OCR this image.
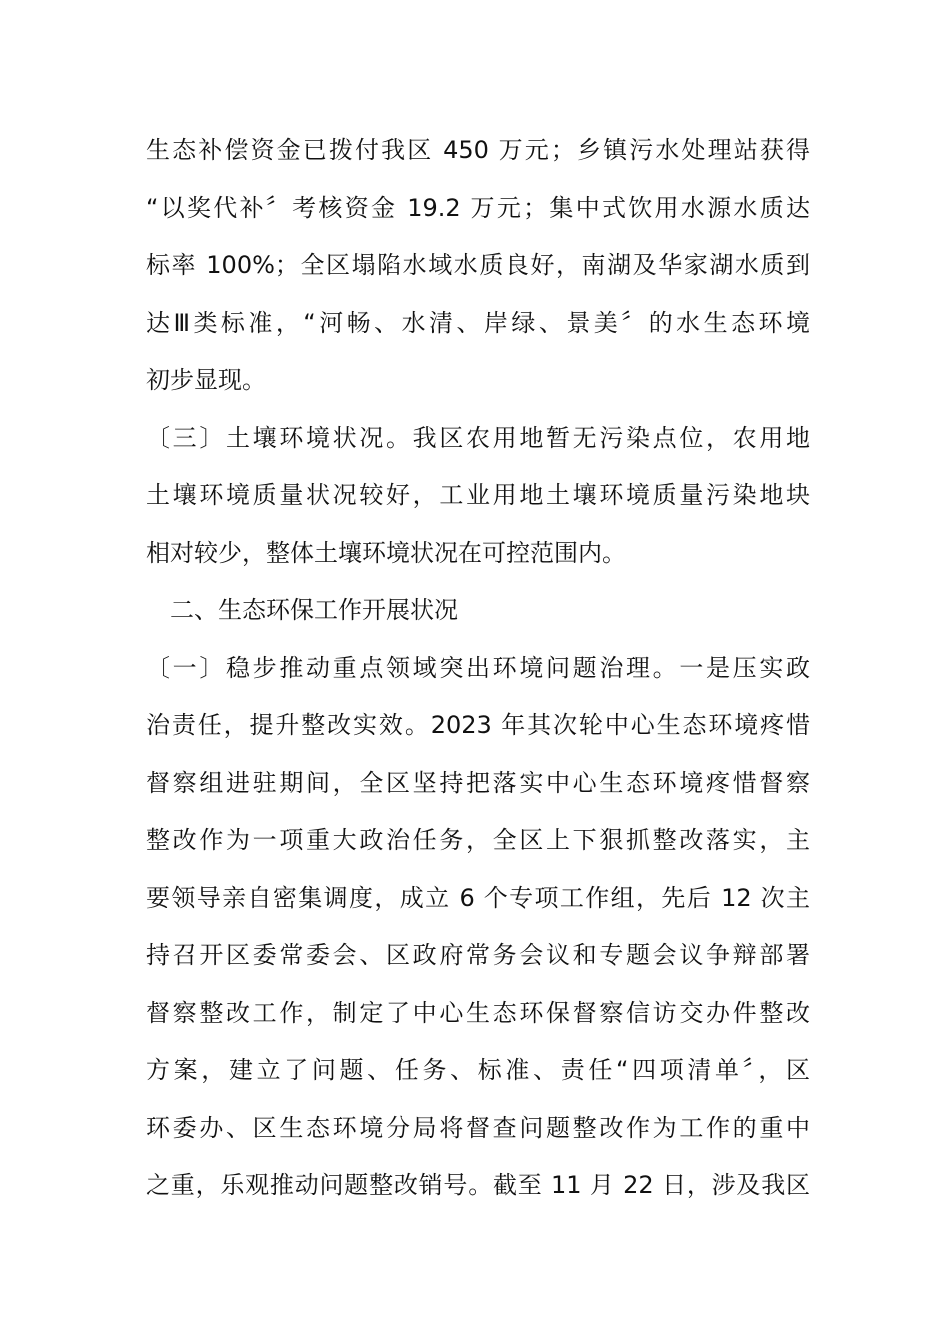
生态补偿资金已拨付我区 450 万元；乡镇污水处理站获得
“以奖代补〞考核资金 19.2 万元；集中式饮用水源水质达
标率 100%；全区塌陷水域水质良好，南湖及华家湖水质到
达Ⅲ类标准，“河畅、水清、岸绿、景美〞的水生态环境
初步显现。
〔三〕土壤环境状况。我区农用地暂无污染点位，农用地
土壤环境质量状况较好，工业用地土壤环境质量污染地块
相对较少，整体土壤环境状况在可控范围内。
二、生态环保工作开展状况
〔一〕稳步推动重点领域突出环境问题治理。一是压实政
治责任，提升整改实效。2023 年其次轮中心生态环境疼惜
督察组进驻期间，全区坚持把落实中心生态环境疼惜督察
整改作为一项重大政治任务，全区上下狠抓整改落实，主
要领导亲自密集调度，成立 6 个专项工作组，先后 12 次主
持召开区委常委会、区政府常务会议和专题会议争辩部署
督察整改工作，制定了中心生态环保督察信访交办件整改
方案，建立了问题、任务、标准、责任“四项清单〞，区
环委办、区生态环境分局将督查问题整改作为工作的重中
之重，乐观推动问题整改销号。截至 11 月 22 日，涉及我区
